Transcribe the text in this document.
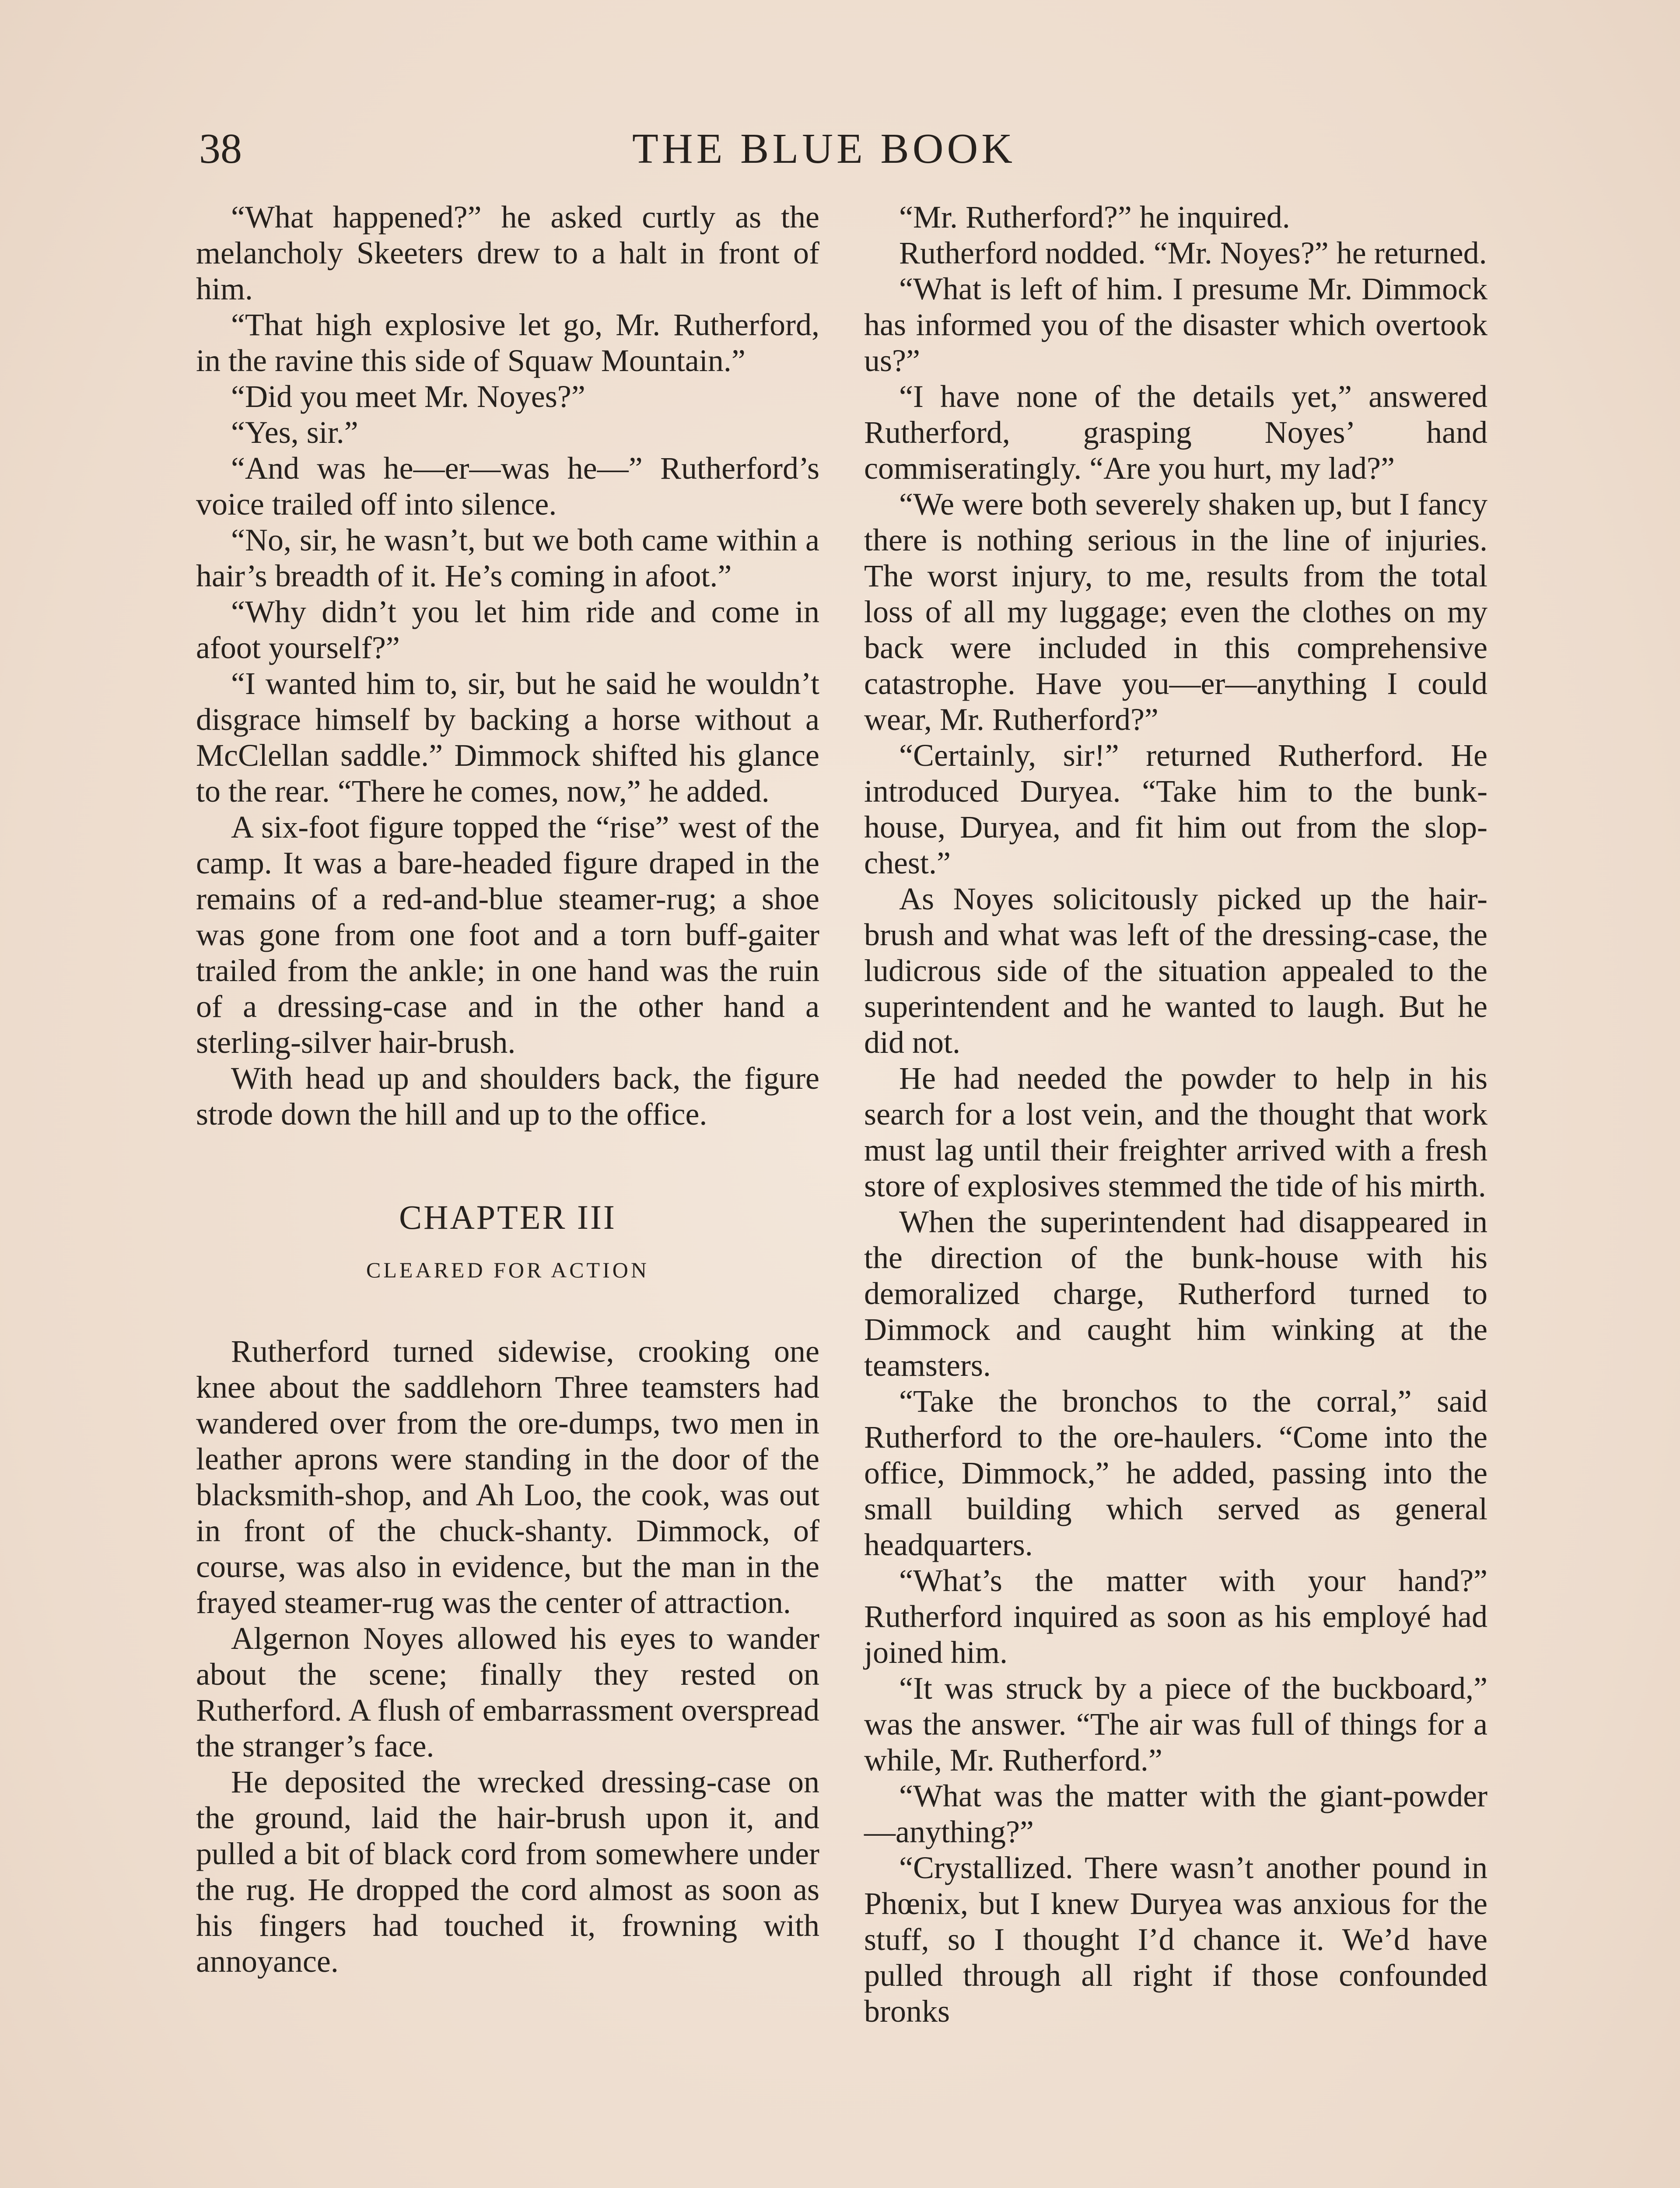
38	THE BLUE BOOK

“What happened?” he asked curtly as the melancholy Skeeters drew to a halt in front of him.

“That high explosive let go, Mr. Rutherford, in the ravine this side of Squaw Mountain.”

“Did you meet Mr. Noyes?”

“Yes, sir.”

“And was he—er—was he—” Rutherford’s voice trailed off into silence.

“No, sir, he wasn’t, but we both came within a hair’s breadth of it. He’s coming in afoot.”

“Why didn’t you let him ride and come in afoot yourself?”

“I wanted him to, sir, but he said he wouldn’t disgrace himself by backing a horse without a McClellan saddle.” Dimmock shifted his glance to the rear. “There he comes, now,” he added.

A six-foot figure topped the “rise” west of the camp. It was a bare-headed figure draped in the remains of a red-and-blue steamer-rug; a shoe was gone from one foot and a torn buff-gaiter trailed from the ankle; in one hand was the ruin of a dressing-case and in the other hand a sterling-silver hair-brush.

With head up and shoulders back, the figure strode down the hill and up to the office.

CHAPTER III
CLEARED FOR ACTION

Rutherford turned sidewise, crooking one knee about the saddlehorn Three teamsters had wandered over from the ore-dumps, two men in leather aprons were standing in the door of the blacksmith-shop, and Ah Loo, the cook, was out in front of the chuck-shanty. Dimmock, of course, was also in evidence, but the man in the frayed steamer-rug was the center of attraction.

Algernon Noyes allowed his eyes to wander about the scene; finally they rested on Rutherford. A flush of embarrassment overspread the stranger’s face.

He deposited the wrecked dressing-case on the ground, laid the hair-brush upon it, and pulled a bit of black cord from somewhere under the rug. He dropped the cord almost as soon as his fingers had touched it, frowning with annoyance.

“Mr. Rutherford?” he inquired.

Rutherford nodded. “Mr. Noyes?” he returned.

“What is left of him. I presume Mr. Dimmock has informed you of the disaster which overtook us?”

“I have none of the details yet,” answered Rutherford, grasping Noyes’ hand commiseratingly. “Are you hurt, my lad?”

“We were both severely shaken up, but I fancy there is nothing serious in the line of injuries. The worst injury, to me, results from the total loss of all my luggage; even the clothes on my back were included in this comprehensive catastrophe. Have you—er—anything I could wear, Mr. Rutherford?”

“Certainly, sir!” returned Rutherford. He introduced Duryea. “Take him to the bunk-house, Duryea, and fit him out from the slop-chest.”

As Noyes solicitously picked up the hair-brush and what was left of the dressing-case, the ludicrous side of the situation appealed to the superintendent and he wanted to laugh. But he did not.

He had needed the powder to help in his search for a lost vein, and the thought that work must lag until their freighter arrived with a fresh store of explosives stemmed the tide of his mirth.

When the superintendent had disappeared in the direction of the bunk-house with his demoralized charge, Rutherford turned to Dimmock and caught him winking at the teamsters.

“Take the bronchos to the corral,” said Rutherford to the ore-haulers. “Come into the office, Dimmock,” he added, passing into the small building which served as general headquarters.

“What’s the matter with your hand?” Rutherford inquired as soon as his employé had joined him.

“It was struck by a piece of the buckboard,” was the answer. “The air was full of things for a while, Mr. Rutherford.”

“What was the matter with the giant-powder—anything?”

“Crystallized. There wasn’t another pound in Phœnix, but I knew Duryea was anxious for the stuff, so I thought I’d chance it. We’d have pulled through all right if those confounded bronks
